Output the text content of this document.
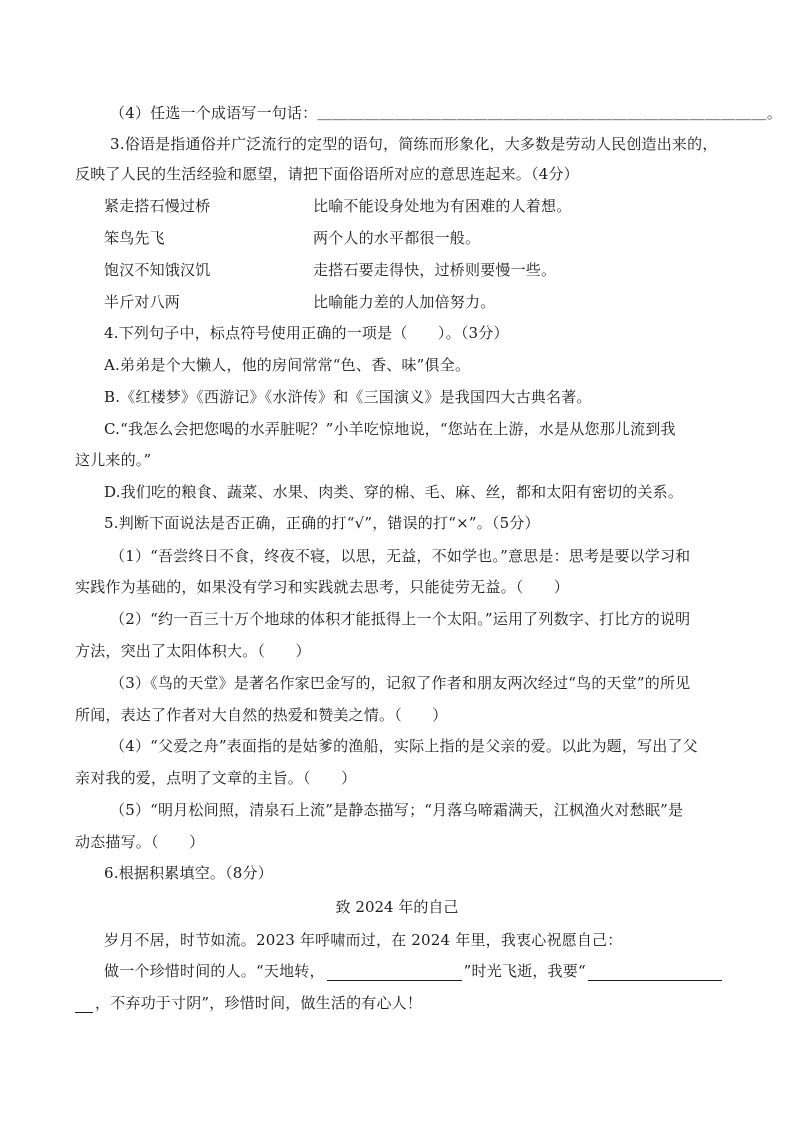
（4）任选一个成语写一句话：＿＿＿＿＿＿＿＿＿＿＿＿＿＿＿＿＿＿＿＿＿＿＿＿＿＿＿＿＿。
3.俗语是指通俗并广泛流行的定型的语句，简练而形象化，大多数是劳动人民创造出来的，
反映了人民的生活经验和愿望，请把下面俗语所对应的意思连起来。（4分）
紧走搭石慢过桥	比喻不能设身处地为有困难的人着想。
笨鸟先飞	两个人的水平都很一般。
饱汉不知饿汉饥	走搭石要走得快，过桥则要慢一些。
半斤对八两	比喻能力差的人加倍努力。
4.下列句子中，标点符号使用正确的一项是（　　）。（3分）
A.弟弟是个大懒人，他的房间常常“色、香、味”俱全。
B.《红楼梦》《西游记》《水浒传》和《三国演义》是我国四大古典名著。
C.“我怎么会把您喝的水弄脏呢？”小羊吃惊地说，“您站在上游，水是从您那儿流到我
这儿来的。”
D.我们吃的粮食、蔬菜、水果、肉类、穿的棉、毛、麻、丝，都和太阳有密切的关系。
5.判断下面说法是否正确，正确的打“√”，错误的打“×”。（5分）
（1）“吾尝终日不食，终夜不寝，以思，无益，不如学也。”意思是：思考是要以学习和
实践作为基础的，如果没有学习和实践就去思考，只能徒劳无益。（　　）
（2）“约一百三十万个地球的体积才能抵得上一个太阳。”运用了列数字、打比方的说明
方法，突出了太阳体积大。（　　）
（3）《鸟的天堂》是著名作家巴金写的，记叙了作者和朋友两次经过“鸟的天堂”的所见
所闻，表达了作者对大自然的热爱和赞美之情。（　　）
（4）“父爱之舟”表面指的是姑爹的渔船，实际上指的是父亲的爱。以此为题，写出了父
亲对我的爱，点明了文章的主旨。（　　）
（5）“明月松间照，清泉石上流”是静态描写；“月落乌啼霜满天，江枫渔火对愁眠”是
动态描写。（　　）
6.根据积累填空。（8分）
致 2024 年的自己
岁月不居，时节如流。2023 年呼啸而过，在 2024 年里，我衷心祝愿自己：
做一个珍惜时间的人。“天地转，	”时光飞逝，我要“
，不弃功于寸阴”，珍惜时间，做生活的有心人！
